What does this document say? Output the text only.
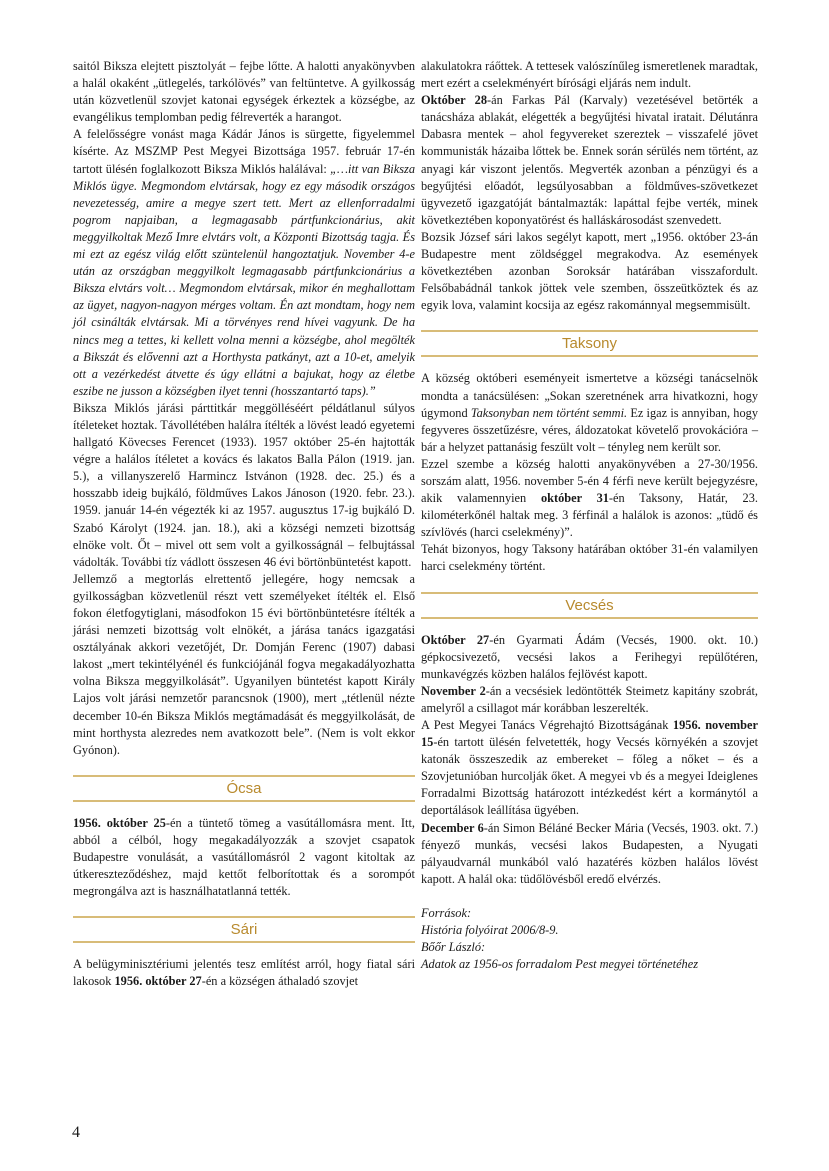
saitól Biksza elejtett pisztolyát – fejbe lőtte. A halotti anyakönyvben a halál okaként „ütlegelés, tarkólövés” van feltüntetve. A gyilkosság után közvetlenül szovjet katonai egységek érkeztek a községbe, az evangélikus templomban pedig félreverték a harangot.

A felelősségre vonást maga Kádár János is sürgette, figyelemmel kísérte. Az MSZMP Pest Megyei Bizottsága 1957. február 17-én tartott ülésén foglalkozott Biksza Miklós halálával: „…itt van Biksza Miklós ügye. Megmondom elvtársak, hogy ez egy második országos nevezetesség, amire a megye szert tett. Mert az ellenforradalmi pogrom napjaiban, a legmagasabb pártfunkcionárius, akit meggyilkoltak Mező Imre elvtárs volt, a Központi Bizottság tagja. És mi ezt az egész világ előtt szüntelenül hangoztatjuk. November 4-e után az országban meggyilkolt legmagasabb pártfunkcionárius a Biksza elvtárs volt… Megmondom elvtársak, mikor én meghallottam az ügyet, nagyon-nagyon mérges voltam. Én azt mondtam, hogy nem jól csinálták elvtársak. Mi a törvényes rend hívei vagyunk. De ha nincs meg a tettes, ki kellett volna menni a községbe, ahol megölték a Bikszát és elővenni azt a Horthysta patkányt, azt a 10-et, amelyik ott a vezérkedést átvette és úgy ellátni a bajukat, hogy az életbe eszibe ne jusson a községben ilyet tenni (hosszantartó taps).”

Biksza Miklós járási párttitkár meggölléséért példátlanul súlyos ítéleteket hoztak. Távollétében halálra ítélték a lövést leadó egyetemi hallgató Kövecses Ferencet (1933). 1957 október 25-én hajtották végre a halálos ítéletet a kovács és lakatos Balla Pálon (1919. jan. 5.), a villanyszerelő Harmincz Istvánon (1928. dec. 25.) és a hosszabb ideig bujkáló, földműves Lakos Jánoson (1920. febr. 23.). 1959. január 14-én végezték ki az 1957. augusztus 17-ig bujkáló D. Szabó Károlyt (1924. jan. 18.), aki a községi nemzeti bizottság elnöke volt. Őt – mivel ott sem volt a gyilkosságnál – felbujtással vádolták. További tíz vádlott összesen 46 évi börtönbüntetést kapott.

Jellemző a megtorlás elrettentő jellegére, hogy nemcsak a gyilkosságban közvetlenül részt vett személyeket ítélték el. Első fokon életfogytiglani, másodfokon 15 évi börtönbüntetésre ítélték a járási nemzeti bizottság volt elnökét, a járása tanács igazgatási osztályának akkori vezetőjét, Dr. Domján Ferenc (1907) dabasi lakost „mert tekintélyénél és funkciójánál fogva megakadályozhatta volna Biksza meggyilkolását”. Ugyanilyen büntetést kapott Király Lajos volt járási nemzetőr parancsnok (1900), mert „tétlenül nézte december 10-én Biksza Miklós megtámadását és meggyilkolását, de mint horthysta alezredes nem avatkozott bele”. (Nem is volt ekkor Gyónon).

Ócsa

1956. október 25-én a tüntető tömeg a vasútállomásra ment. Itt, abból a célból, hogy megakadályozzák a szovjet csapatok Budapestre vonulását, a vasútállomásról 2 vagont kitoltak az útkereszteződéshez, majd kettőt felborítottak és a sorompót megrongálva azt is használhatatlanná tették.

Sári

A belügyminisztériumi jelentés tesz említést arról, hogy fiatal sári lakosok 1956. október 27-én a községen áthaladó szovjet

alakulatokra ráőttek. A tettesek valószínűleg ismeretlenek maradtak, mert ezért a cselekményért bírósági eljárás nem indult.

Október 28-án Farkas Pál (Karvaly) vezetésével betörték a tanácsháza ablakát, elégették a begyűjtési hivatal iratait. Délutánra Dabasra mentek – ahol fegyvereket szereztek – visszafelé jövet kommunisták házaiba lőttek be. Ennek során sérülés nem történt, az anyagi kár viszont jelentős. Megverték azonban a pénzügyi és a begyűjtési előadót, legsúlyosabban a földműves-szövetkezet ügyvezető igazgatóját bántalmazták: lapáttal fejbe verték, minek következtében koponyatörést és halláskárosodást szenvedett.

Bozsik József sári lakos segélyt kapott, mert „1956. október 23-án Budapestre ment zöldséggel megrakodva. Az események következtében azonban Soroksár határában visszafordult. Felsőbabádnál tankok jöttek vele szemben, összeütköztek és az egyik lova, valamint kocsija az egész rakománnyal megsemmisült.

Taksony

A község októberi eseményeit ismertetve a községi tanácselnök mondta a tanácsülésen: „Sokan szeretnének arra hivatkozni, hogy úgymond Taksonyban nem történt semmi. Ez igaz is annyiban, hogy fegyveres összetűzésre, véres, áldozatokat követelő provokációra – bár a helyzet pattanásig feszült volt – tényleg nem került sor.

Ezzel szembe a község halotti anyakönyvében a 27-30/1956. sorszám alatt, 1956. november 5-én 4 férfi neve került bejegyzésre, akik valamennyien október 31-én Taksony, Határ, 23. kilométerkőnél haltak meg. 3 férfinál a halálok is azonos: „tüdő és szívlövés (harci cselekmény)”.

Tehát bizonyos, hogy Taksony határában október 31-én valamilyen harci cselekmény történt.

Vecsés

Október 27-én Gyarmati Ádám (Vecsés, 1900. okt. 10.) gépkocsivezető, vecsési lakos a Ferihegyi repülőtéren, munkavégzés közben halálos fejlövést kapott.

November 2-án a vecsésiek ledöntötték Steimetz kapitány szobrát, amelyről a csillagot már korábban leszerelték.

A Pest Megyei Tanács Végrehajtó Bizottságának 1956. november 15-én tartott ülésén felvetették, hogy Vecsés környékén a szovjet katonák összeszedik az embereket – főleg a nőket – és a Szovjetunióban hurcolják őket. A megyei vb és a megyei Ideiglenes Forradalmi Bizottság határozott intézkedést kért a kormánytól a deportálások leállítása ügyében.

December 6-án Simon Béláné Becker Mária (Vecsés, 1903. okt. 7.) fényező munkás, vecsési lakos Budapesten, a Nyugati pályaudvarnál munkából való hazatérés közben halálos lövést kapott. A halál oka: tüdőlövésből eredő elvérzés.

Források:
História folyóirat 2006/8-9.
Bőőr László:
Adatok az 1956-os forradalom Pest megyei történetéhez
4
